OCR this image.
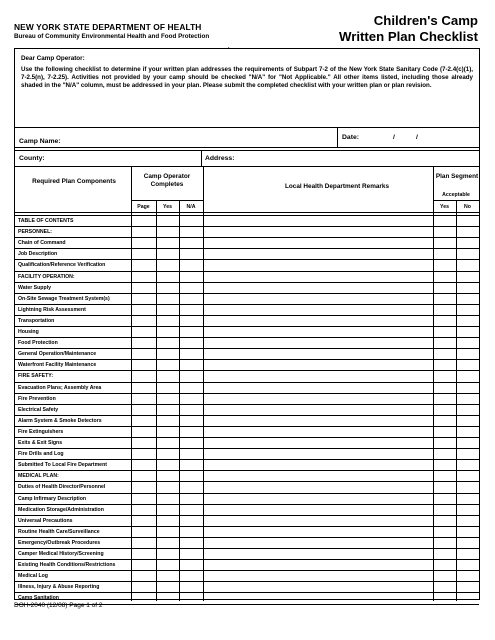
NEW YORK STATE DEPARTMENT OF HEALTH
Bureau of Community Environmental Health and Food Protection
Children's Camp
Written Plan Checklist
▪
Dear Camp Operator:
Use the following checklist to determine if your written plan addresses the requirements of Subpart 7-2 of the New York State Sanitary Code (7-2.4(c)(1), 7-2.5(n), 7-2.25). Activities not provided by your camp should be checked "N/A" for "Not Applicable." All other items listed, including those already shaded in the "N/A" column, must be addressed in your plan. Please submit the completed checklist with your written plan or plan revision.
Camp Name:
Date:	/	/
County:	Address:
Required Plan Components
Camp Operator Completes	Local Health Department Remarks
Plan Segment
Acceptable
Page	Yes	N/A	Yes	No
TABLE OF CONTENTS
PERSONNEL:
Chain of Command
Job Description
Qualification/Reference Verification
FACILITY OPERATION:
Water Supply
On-Site Sewage Treatment System(s)
Lightning Risk Assessment
Transportation
Housing
Food Protection
General Operation/Maintenance
Waterfront Facility Maintenance
FIRE SAFETY:
Evacuation Plans; Assembly Area
Fire Prevention
Electrical Safety
Alarm System & Smoke Detectors
Fire Extinguishers
Exits & Exit Signs
Fire Drills and Log
Submitted To Local Fire Department
MEDICAL PLAN:
Duties of Health Director/Personnel
Camp Infirmary Description
Medication Storage/Administration
Universal Precautions
Routine Health Care/Surveillance
Emergency/Outbreak Procedures
Camper Medical History/Screening
Existing Health Conditions/Restrictions
Medical Log
Illness, Injury & Abuse Reporting
Camp Sanitation
DOH-2040 (12/08) Page 1 of 2
